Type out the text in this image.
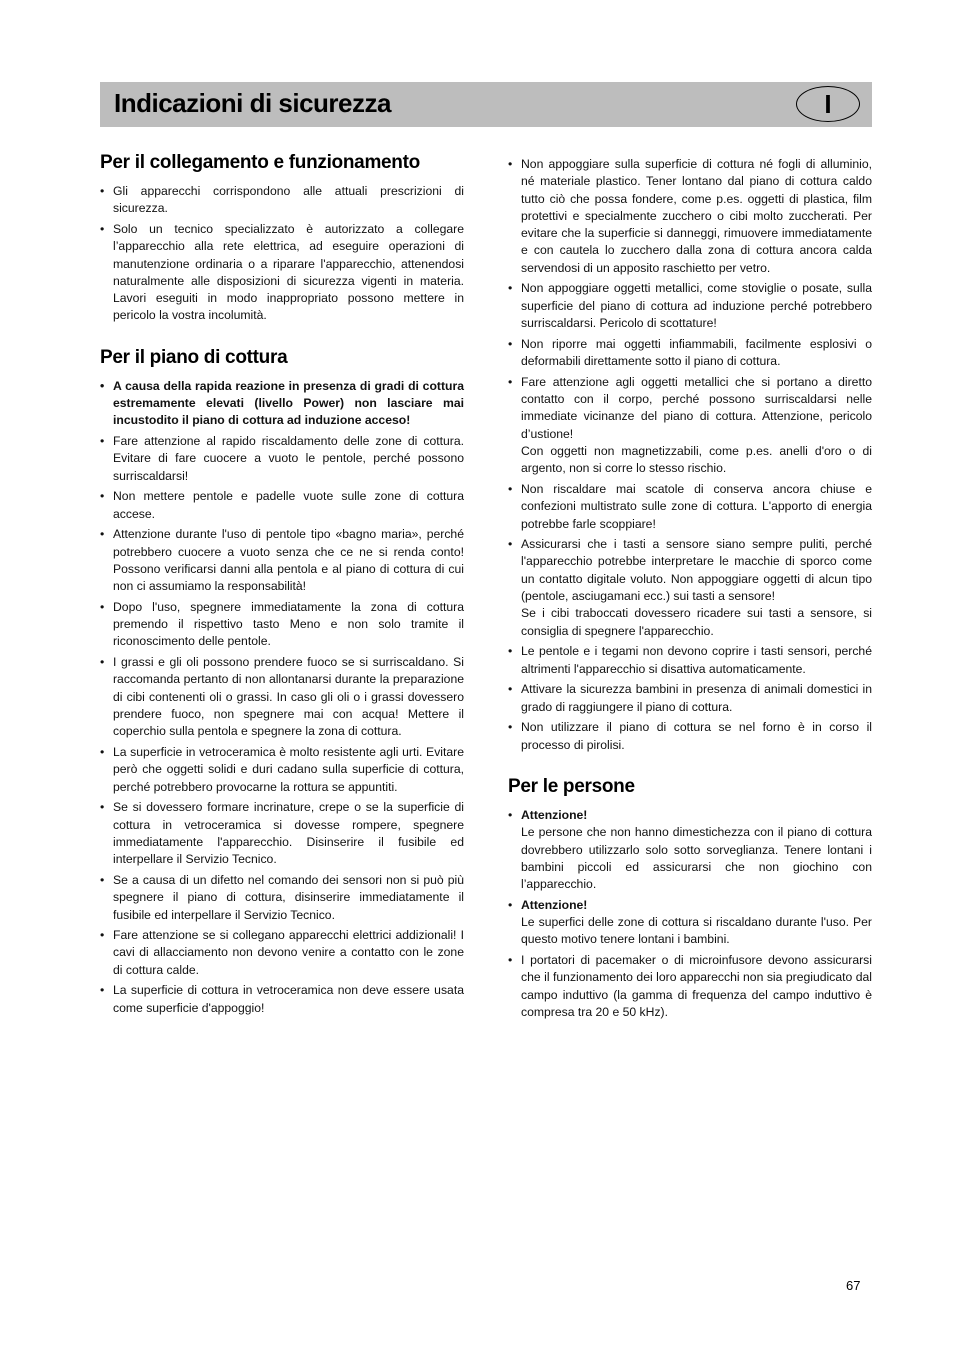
Indicazioni di sicurezza	I
Per il collegamento e funzionamento
• Gli apparecchi corrispondono alle attuali prescrizioni di sicurezza.
• Solo un tecnico specializzato è autorizzato a collegare l’apparecchio alla rete elettrica, ad eseguire operazioni di manutenzione ordinaria o a riparare l'apparecchio, attenendosi naturalmente alle disposizioni di sicurezza vigenti in materia. Lavori eseguiti in modo inappropriato possono mettere in pericolo la vostra incolumità.
Per il piano di cottura
• A causa della rapida reazione in presenza di gradi di cottura estremamente elevati (livello Power) non lasciare mai incustodito il piano di cottura ad induzione acceso!
• Fare attenzione al rapido riscaldamento delle zone di cottura. Evitare di fare cuocere a vuoto le pentole, perché possono surriscaldarsi!
• Non mettere pentole e padelle vuote sulle zone di cottura accese.
• Attenzione durante l'uso di pentole tipo «bagno maria», perché potrebbero cuocere a vuoto senza che ce ne si renda conto! Possono verificarsi danni alla pentola e al piano di cottura di cui non ci assumiamo la responsabilità!
• Dopo l'uso, spegnere immediatamente la zona di cottura premendo il rispettivo tasto Meno e non solo tramite il riconoscimento delle pentole.
• I grassi e gli oli possono prendere fuoco se si surriscaldano. Si raccomanda pertanto di non allontanarsi durante la preparazione di cibi contenenti oli o grassi. In caso gli oli o i grassi dovessero prendere fuoco, non spegnere mai con acqua! Mettere il coperchio sulla pentola e spegnere la zona di cottura.
• La superficie in vetroceramica è molto resistente agli urti. Evitare però che oggetti solidi e duri cadano sulla superficie di cottura, perché potrebbero provocarne la rottura se appuntiti.
• Se si dovessero formare incrinature, crepe o se la superficie di cottura in vetroceramica si dovesse rompere, spegnere immediatamente l'apparecchio. Disinserire il fusibile ed interpellare il Servizio Tecnico.
• Se a causa di un difetto nel comando dei sensori non si può più spegnere il piano di cottura, disinserire immediatamente il fusibile ed interpellare il Servizio Tecnico.
• Fare attenzione se si collegano apparecchi elettrici addizionali! I cavi di allacciamento non devono venire a contatto con le zone di cottura calde.
• La superficie di cottura in vetroceramica non deve essere usata come superficie d'appoggio!
• Non appoggiare sulla superficie di cottura né fogli di alluminio, né materiale plastico. Tener lontano dal piano di cottura caldo tutto ciò che possa fondere, come p.es. oggetti di plastica, film protettivi e specialmente zucchero o cibi molto zuccherati. Per evitare che la superficie si danneggi, rimuovere immediatamente e con cautela lo zucchero dalla zona di cottura ancora calda servendosi di un apposito raschietto per vetro.
• Non appoggiare oggetti metallici, come stoviglie o posate, sulla superficie del piano di cottura ad induzione perché potrebbero surriscaldarsi. Pericolo di scottature!
• Non riporre mai oggetti infiammabili, facilmente esplosivi o deformabili direttamente sotto il piano di cottura.
• Fare attenzione agli oggetti metallici che si portano a diretto contatto con il corpo, perché possono surriscaldarsi nelle immediate vicinanze del piano di cottura. Attenzione, pericolo d’ustione!
Con oggetti non magnetizzabili, come p.es. anelli d'oro o di argento, non si corre lo stesso rischio.
• Non riscaldare mai scatole di conserva ancora chiuse e confezioni multistrato sulle zone di cottura. L'apporto di energia potrebbe farle scoppiare!
• Assicurarsi che i tasti a sensore siano sempre puliti, perché l'apparecchio potrebbe interpretare le macchie di sporco come un contatto digitale voluto. Non appoggiare oggetti di alcun tipo (pentole, asciugamani ecc.) sui tasti a sensore!
Se i cibi traboccati dovessero ricadere sui tasti a sensore, si consiglia di spegnere l'apparecchio.
• Le pentole e i tegami non devono coprire i tasti sensori, perché altrimenti l'apparecchio si disattiva automaticamente.
• Attivare la sicurezza bambini in presenza di animali domestici in grado di raggiungere il piano di cottura.
• Non utilizzare il piano di cottura se nel forno è in corso il processo di pirolisi.
Per le persone
• Attenzione!
Le persone che non hanno dimestichezza con il piano di cottura dovrebbero utilizzarlo solo sotto sorveglianza. Tenere lontani i bambini piccoli ed assicurarsi che non giochino con l’apparecchio.
• Attenzione!
Le superfici delle zone di cottura si riscaldano durante l'uso. Per questo motivo tenere lontani i bambini.
• I portatori di pacemaker o di microinfusore devono assicurarsi che il funzionamento dei loro apparecchi non sia pregiudicato dal campo induttivo (la gamma di frequenza del campo induttivo è compresa tra 20 e 50 kHz).
67
